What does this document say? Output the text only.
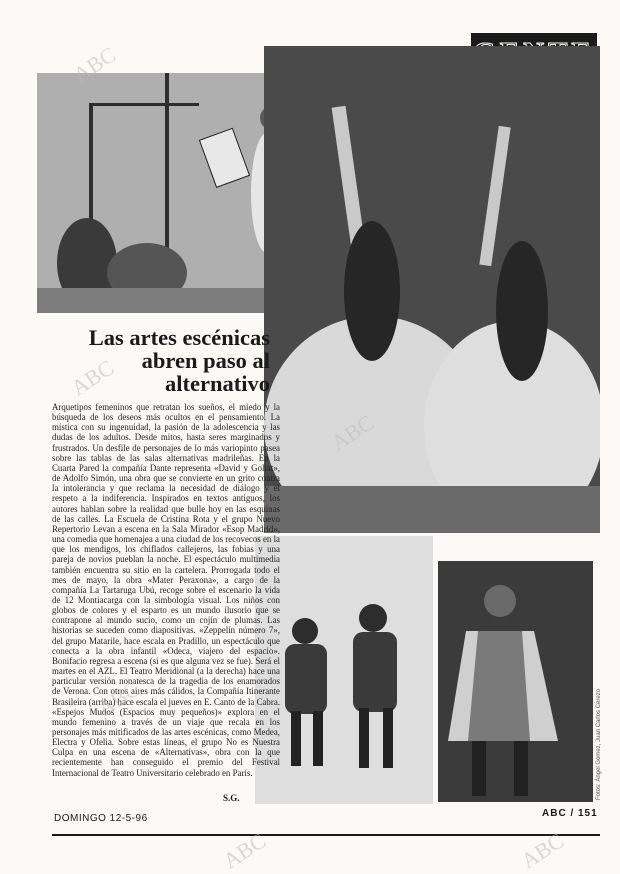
Las artes escénicas
abren paso al
alternativo

Arquetipos femeninos que retratan los sueños, el miedo y la búsqueda de los deseos más ocultos en el pensamiento. La mística con su ingenuidad, la pasión de la adolescencia y las dudas de los adultos. Desde mitos, hasta seres marginados y frustrados. Un desfile de personajes de lo más variopinto pasea sobre las tablas de las salas alternativas madrileñas. En la Cuarta Pared la compañía Dante representa «David y Goliat», de Adolfo Simón, una obra que se convierte en un grito contra la intolerancia y que reclama la necesidad de diálogo y el respeto a la indiferencia. Inspirados en textos antiguos, los autores hablan sobre la realidad que bulle hoy en las esquinas de las calles. La Escuela de Cristina Rota y el grupo Nuevo Repertorio Levan a escena en la Sala Mirador «Esop Madrid», una comedia que homenajea a una ciudad de los recovecos en la que los mendigos, los chiflados callejeros, las fobias y una pareja de novios pueblan la noche. El espectáculo multimedia también encuentra su sitio en la cartelera. Prorrogada todo el mes de mayo, la obra «Mater Peraxona», a cargo de la compañía La Tartaruga Ubú, recoge sobre el escenario la vida de 12 Montiacarga con la simbología visual. Los niños con globos de colores y el esparto es un mundo ilusorio que se contrapone al mundo sucio, como un cojín de plumas. Las historias se suceden como diapositivas. «Zeppelín número 7», del grupo Matarile, hace escala en Pradillo, un espectáculo que conecta a la obra infantil «Odeca, viajero del espacio». Bonifacio regresa a escena (si es que alguna vez se fue). Será el martes en el AZL. El Teatro Meridional (a la derecha) hace una particular versión nonatesca de la tragedia de los enamorados de Verona. Con otros aires más cálidos, la Compañía Itinerante Brasileira (arriba) hace escala el jueves en E. Canto de la Cabra. «Espejos Mudos (Espacios muy pequeños)» explora en el mundo femenino a través de un viaje que recala en los personajes más mitificados de las artes escénicas, como Medea, Electra y Ofelia. Sobre estas líneas, el grupo No es Nuestra Culpa en una escena de «Alternativas», obra con la que recientemente han conseguido el premio del Festival Internacional de Teatro Universitario celebrado en París.

S.G.	Fotos: Ángel Gómez, Juan Carlos Cerezo
DOMINGO 12-5-96	ABC / 151
ABC
ABC
ABC
ABC	ABC
ABC
